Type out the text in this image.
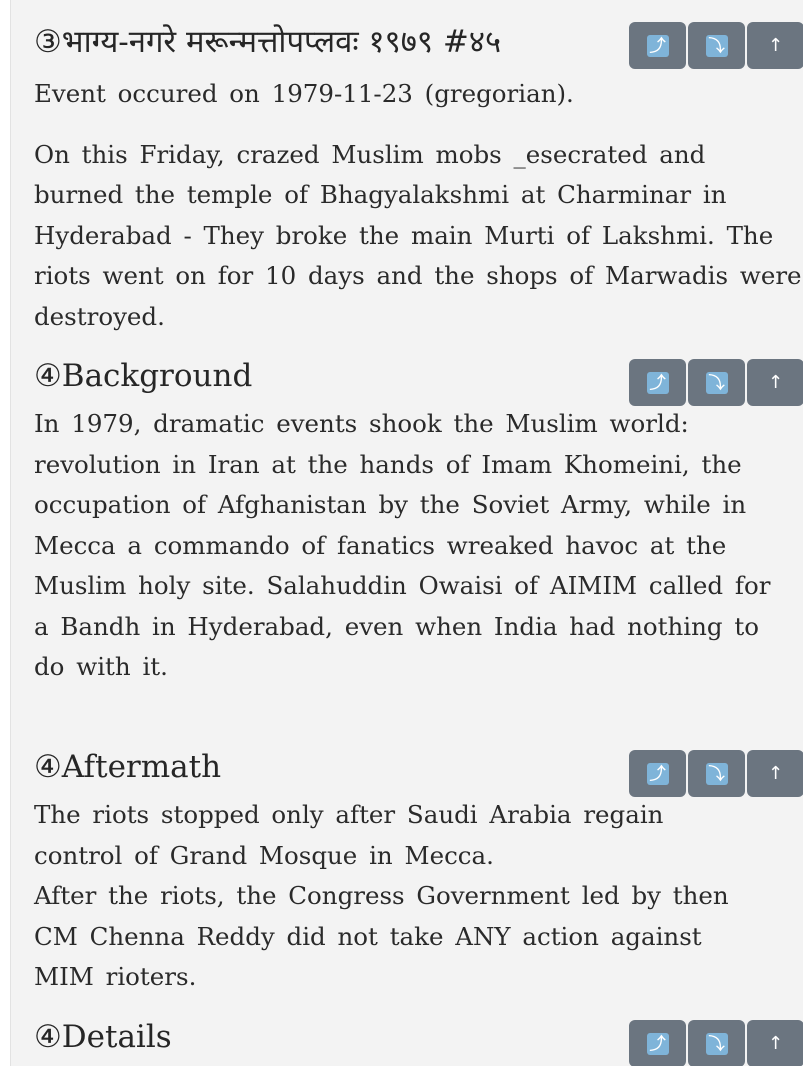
③भाग्य-नगरे मरून्मत्तोपप्लवः १९७९ #४५	⤴	⤵ ↑

Event occured on 1979-11-23 (gregorian).

On this Friday, crazed Muslim mobs _esecrated and burned the temple of Bhagyalakshmi at Charminar in Hyderabad - They broke the main Murti of Lakshmi. The riots went on for 10 days and the shops of Marwadis were destroyed.

④Background	⤴	⤵ ↑

In 1979, dramatic events shook the Muslim world: revolution in Iran at the hands of Imam Khomeini, the occupation of Afghanistan by the Soviet Army, while in Mecca a commando of fanatics wreaked havoc at the Muslim holy site. Salahuddin Owaisi of AIMIM called for a Bandh in Hyderabad, even when India had nothing to do with it.

④Aftermath	⤴	⤵ ↑

The riots stopped only after Saudi Arabia regain control of Grand Mosque in Mecca.

After the riots, the Congress Government led by then CM Chenna Reddy did not take ANY action against MIM rioters.

④Details	⤴	⤵ ↑
